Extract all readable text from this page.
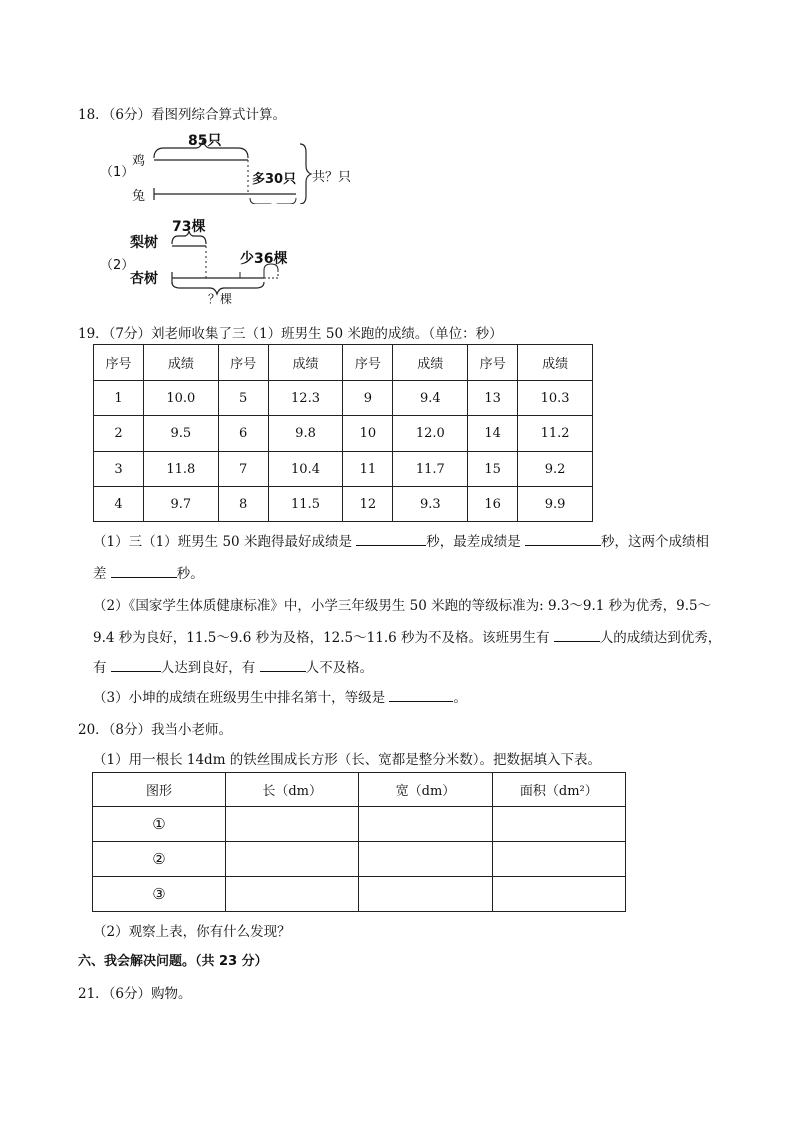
18．（6分）看图列综合算式计算。
（1）
鸡
兔
85只
多30只 共？只
（2）
梨树
杏树
73棵
少36棵
？棵
19．（7分）刘老师收集了三（1）班男生 50 米跑的成绩。（单位：秒）
序号	成绩	序号	成绩	序号	成绩	序号	成绩
1	10.0	5	12.3	9	9.4	13	10.3
2	9.5	6	9.8	10	12.0	14	11.2
3	11.8	7	10.4	11	11.7	15	9.2
4	9.7	8	11.5	12	9.3	16	9.9
（1）三（1）班男生 50 米跑得最好成绩是	秒，最差成绩是	秒，这两个成绩相
差	秒。
（2）《国家学生体质健康标准》中，小学三年级男生 50 米跑的等级标准为: 9.3～9.1 秒为优秀，9.5～
9.4 秒为良好，11.5～9.6 秒为及格，12.5～11.6 秒为不及格。该班男生有	人的成绩达到优秀，
有	人达到良好，有	人不及格。
（3）小坤的成绩在班级男生中排名第十，等级是	。
20．（8分）我当小老师。
（1）用一根长 14dm 的铁丝围成长方形（长、宽都是整分米数）。把数据填入下表。
图形	长（dm）	宽（dm）	面积（dm²）
①			
②			
③			
（2）观察上表，你有什么发现？
六、我会解决问题。（共 23 分）
21．（6分）购物。
